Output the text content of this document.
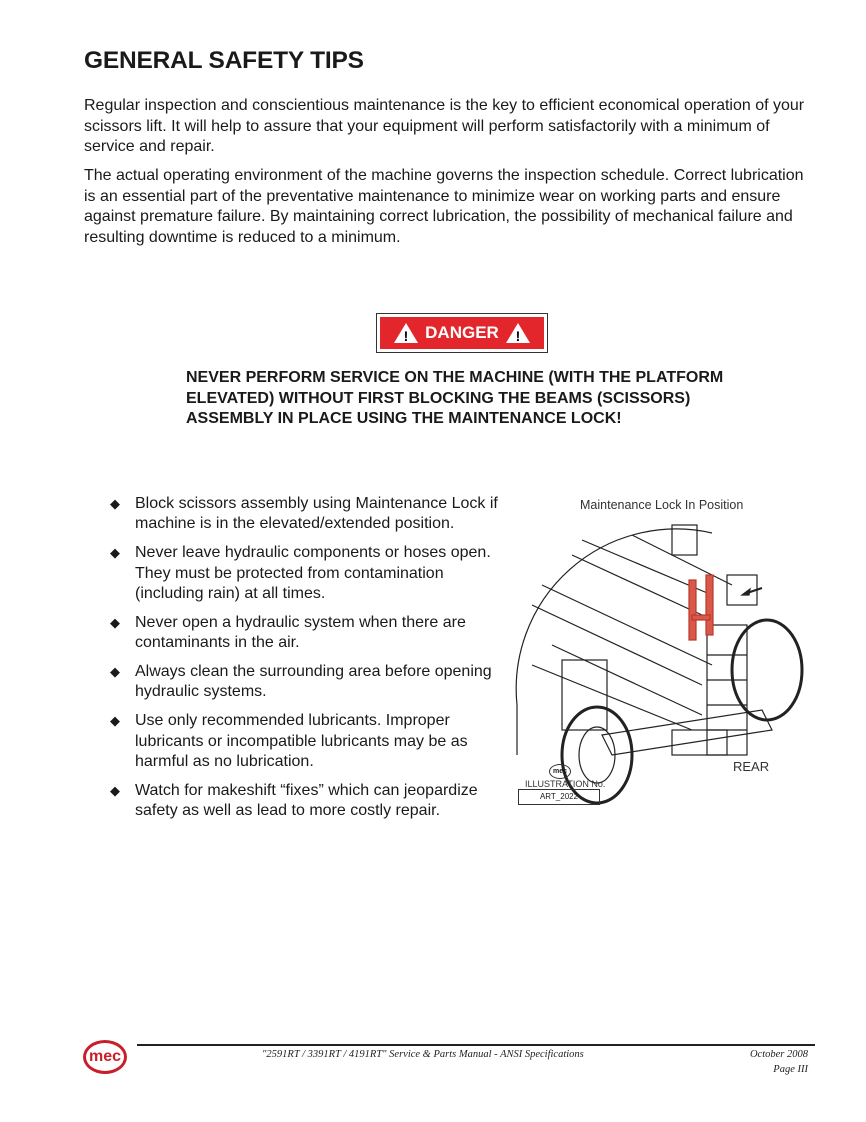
GENERAL SAFETY TIPS

Regular inspection and conscientious maintenance is the key to efficient economical operation of your scissors lift. It will help to assure that your equipment will perform satisfactorily with a minimum of service and repair.

The actual operating environment of the machine governs the inspection schedule. Correct lubrication is an essential part of the preventative maintenance to minimize wear on working parts and ensure against premature failure. By maintaining correct lubrication, the possibility of mechanical failure and resulting downtime is reduced to a minimum.

! DANGER !

NEVER PERFORM SERVICE ON THE MACHINE (WITH THE PLATFORM ELEVATED) WITHOUT FIRST BLOCKING THE BEAMS (SCISSORS) ASSEMBLY IN PLACE USING THE MAINTENANCE LOCK!

◆ Block scissors assembly using Maintenance Lock if machine is in the elevated/extended position.
◆ Never leave hydraulic components or hoses open. They must be protected from contamination (including rain) at all times.
◆ Never open a hydraulic system when there are contaminants in the air.
◆ Always clean the surrounding area before opening hydraulic systems.
◆ Use only recommended lubricants. Improper lubricants or incompatible lubricants may be as harmful as no lubrication.
◆ Watch for makeshift “fixes” which can jeopardize safety as well as lead to more costly repair.
Maintenance Lock In Position
REAR
mec
ILLUSTRATION No.
ART_2022
mec	"2591RT / 3391RT / 4191RT" Service & Parts Manual - ANSI Specifications	October 2008
Page III
